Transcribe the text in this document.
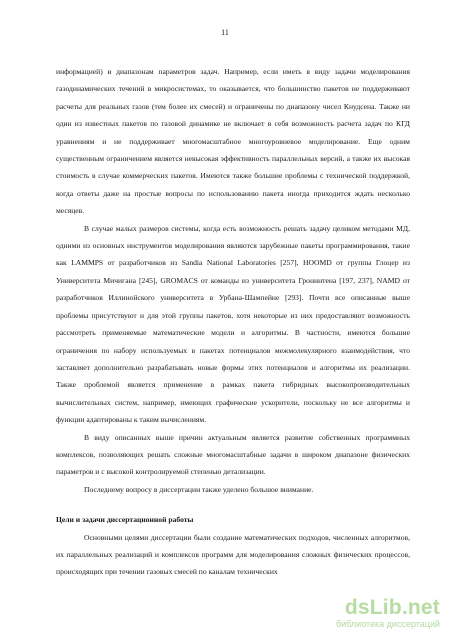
11

информацией) и диапазонам параметров задач. Например, если иметь в виду задачи моделирования газодинамических течений в микросистемах, то оказывается, что большинство пакетов не поддерживают расчеты для реальных газов (тем более их смесей) и ограничены по диапазону чисел Кнудсена. Также ни один из известных пакетов по газовой динамике не включает в себя возможность расчета задач по КГД уравнениям и не поддерживает многомасштабное многоуровневое моделирование. Еще одним существенным ограничением является невысокая эффективность параллельных версий, а также их высокая стоимость в случае коммерческих пакетов. Имеются также большие проблемы с технической поддержкой, когда ответы даже на простые вопросы по использованию пакета иногда приходится ждать несколько месяцев.

В случае малых размеров системы, когда есть возможность решать задачу целиком методами МД, одними из основных инструментов моделирования являются зарубежные пакеты программирования, такие как LAMMPS от разработчиков из Sandia National Laboratories [257], HOOMD от группы Глоцер из Университета Мичигана [245], GROMACS от команды из университета Гронинтена [197, 237], NAMD от разработчиков Иллинойского университета в Урбана-Шампейне [293]. Почти все описанные выше проблемы присутствуют и для этой группы пакетов, хотя некоторые из них предоставляют возможность рассмотреть применяемые математические модели и алгоритмы. В частности, имеются большие ограничения по набору используемых в пакетах потенциалов межмолекулярного взаимодействия, что заставляет дополнительно разрабатывать новые формы этих потенциалов и алгоритмы их реализации. Также проблемой является применение в рамках пакета гибридных высокопроизводительных вычислительных систем, например, имеющих графические ускорители, поскольку не все алгоритмы и функции адаптированы к таким вычислениям.

В виду описанных выше причин актуальным является развитие собственных программных комплексов, позволяющих решать сложные многомасштабные задачи в широком диапазоне физических параметров и с высокой контролируемой степенью детализации.

Последнему вопросу в диссертации также уделено большое внимание.

Цели и задачи диссертационной работы

Основными целями диссертации были создание математических подходов, численных алгоритмов, их параллельных реализаций и комплексов программ для моделирования сложных физических процессов, происходящих при течении газовых смесей по каналам технических

dsLib.net
библиотека диссертаций
